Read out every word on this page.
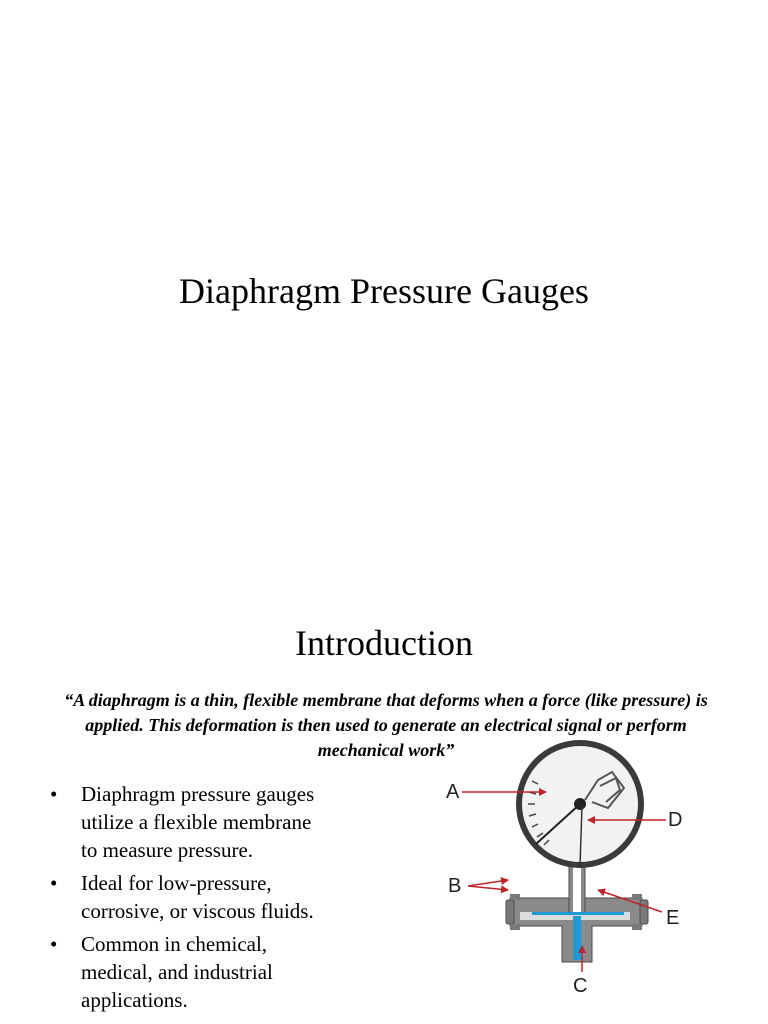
Diaphragm Pressure Gauges
Introduction

“A diaphragm is a thin, flexible membrane that deforms when a force (like pressure) is applied. This deformation is then used to generate an electrical signal or perform mechanical work”

• Diaphragm pressure gauges utilize a flexible membrane to measure pressure.
• Ideal for low-pressure, corrosive, or viscous fluids.
• Common in chemical, medical, and industrial applications.
A
D
B
E
C
